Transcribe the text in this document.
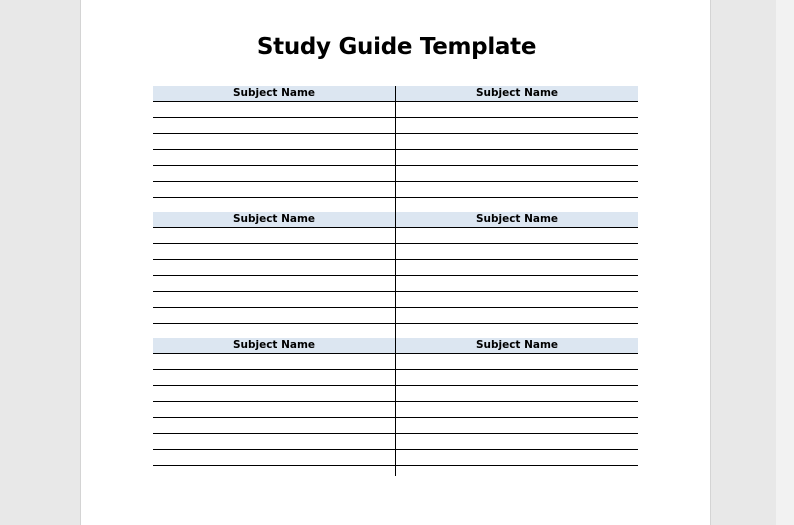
Study Guide Template
Subject Name	Subject Name
Subject Name	Subject Name
Subject Name	Subject Name
